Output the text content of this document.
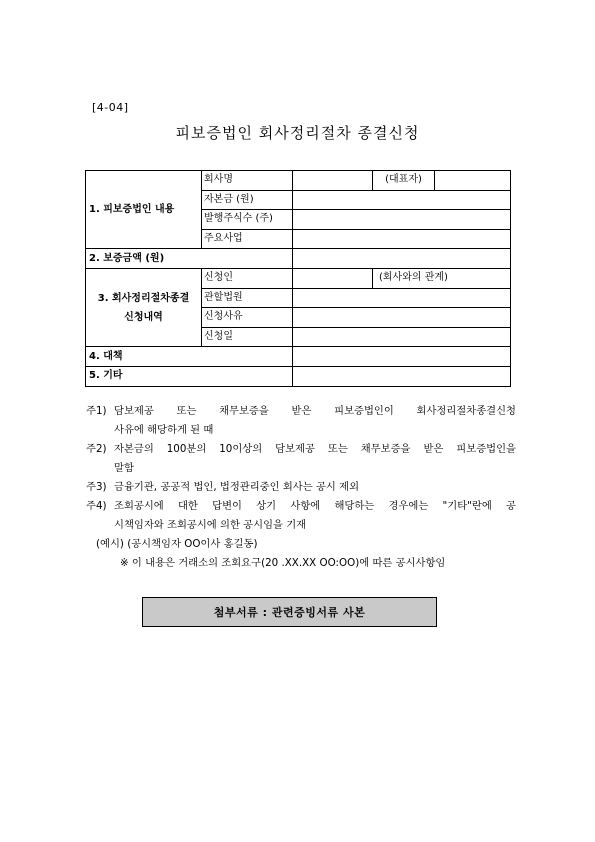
[4-04]
피보증법인 회사정리절차 종결신청
1. 피보증법인 내용	회사명		(대표자)	
	자본금 (원)			
	발행주식수 (주)			
	주요사업			
2. 보증금액 (원)				
3. 회사정리절차종결
신청내역	신청인		(회사와의 관계)	
	관할법원			
	신청사유			
	신청일			
4. 대책				
5. 기타				
주1) 담보제공 또는 채무보증을 받은 피보증법인이 회사정리절차종결신청
사유에 해당하게 된 때
주2) 자본금의 100분의 10이상의 담보제공 또는 채무보증을 받은 피보증법인을
말함
주3) 금융기관, 공공적 법인, 법정관리중인 회사는 공시 제외
주4) 조회공시에 대한 답변이 상기 사항에 해당하는 경우에는 "기타"란에 공
시책임자와 조회공시에 의한 공시임을 기재
(예시) (공시책임자 OO이사 홍길동)
※ 이 내용은 거래소의 조회요구(20 .XX.XX OO:OO)에 따른 공시사항임
첨부서류 : 관련증빙서류 사본
